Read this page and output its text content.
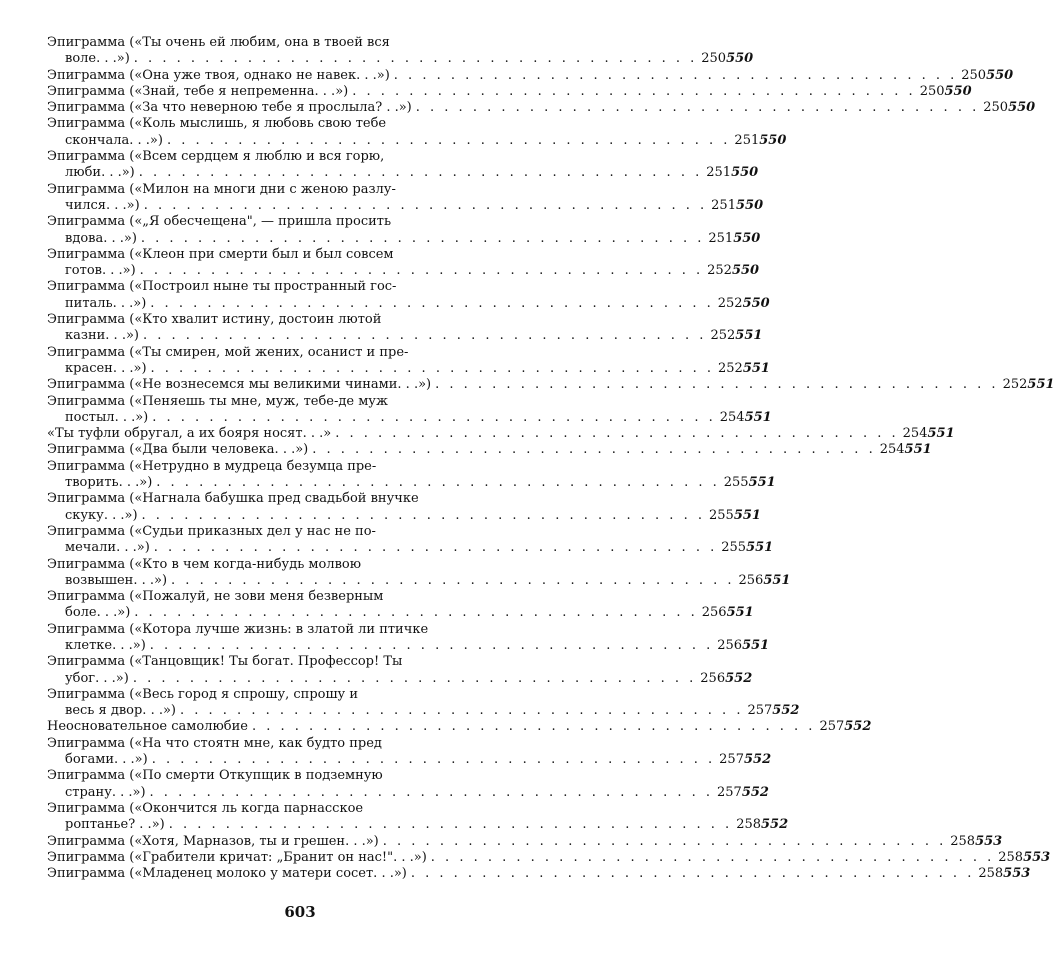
Эпиграмма («Ты очень ей любим, она в твоей вся
воле. . .») . . .	250 550
Эпиграмма («Она уже твоя, однако не навек. . .») . . .	250 550
Эпиграмма («Знай, тебе я непременна. . .») . . .	250 550
Эпиграмма («За что неверною тебе я прослыла? . .») . . .	250 550
Эпиграмма («Коль мыслишь, я любовь свою тебе
скончала. . .») . . .	251 550
Эпиграмма («Всем сердцем я люблю и вся горю,
люби. . .») . . .	251 550
Эпиграмма («Милон на многи дни с женою разлу-
чился. . .») . . .	251 550
Эпиграмма («„Я обесчещена", — пришла просить
вдова. . .») . . .	251 550
Эпиграмма («Клеон при смерти был и был совсем
готов. . .») . . .	252 550
Эпиграмма («Построил ныне ты пространный гос-
питаль. . .») . . .	252 550
Эпиграмма («Кто хвалит истину, достоин лютой
казни. . .») . . .	252 551
Эпиграмма («Ты смирен, мой жених, осанист и пре-
красен. . .») . . .	252 551
Эпиграмма («Не вознесемся мы великими чинами. . .») . . .	252 551
Эпиграмма («Пеняешь ты мне, муж, тебе-де муж
постыл. . .») . . .	254 551
«Ты туфли обругал, а их бояря носят. . .» . . .	254 551
Эпиграмма («Два были человека. . .») . . .	254 551
Эпиграмма («Нетрудно в мудреца безумца пре-
творить. . .») . . .	255 551
Эпиграмма («Нагнала бабушка пред свадьбой внучке
скуку. . .») . . .	255 551
Эпиграмма («Судьи приказных дел у нас не по-
мечали. . .») . . .	255 551
Эпиграмма («Кто в чем когда-нибудь молвою
возвышен. . .») . . .	256 551
Эпиграмма («Пожалуй, не зови меня безверным
боле. . .») . . .	256 551
Эпиграмма («Котора лучше жизнь: в златой ли птичке
клетке. . .») . . .	256 551
Эпиграмма («Танцовщик! Ты богат. Профессор! Ты
убог. . .») . . .	256 552
Эпиграмма («Весь город я спрошу, спрошу и
весь я двор. . .») . . .	257 552
Неосновательное самолюбие . . .	257 552
Эпиграмма («На что стоятн мне, как будто пред
богами. . .») . . .	257 552
Эпиграмма («По смерти Откупщик в подземную
страну. . .») . . .	257 552
Эпиграмма («Окончится ль когда парнасское
роптанье? . .») . . .	258 552
Эпиграмма («Хотя, Марназов, ты и грешен. . .») . . .	258 553
Эпиграмма («Грабители кричат: „Бранит он нас!". . .») . . .	258 553
Эпиграмма («Младенец молоко у матери сосет. . .») . . .	258 553
603
